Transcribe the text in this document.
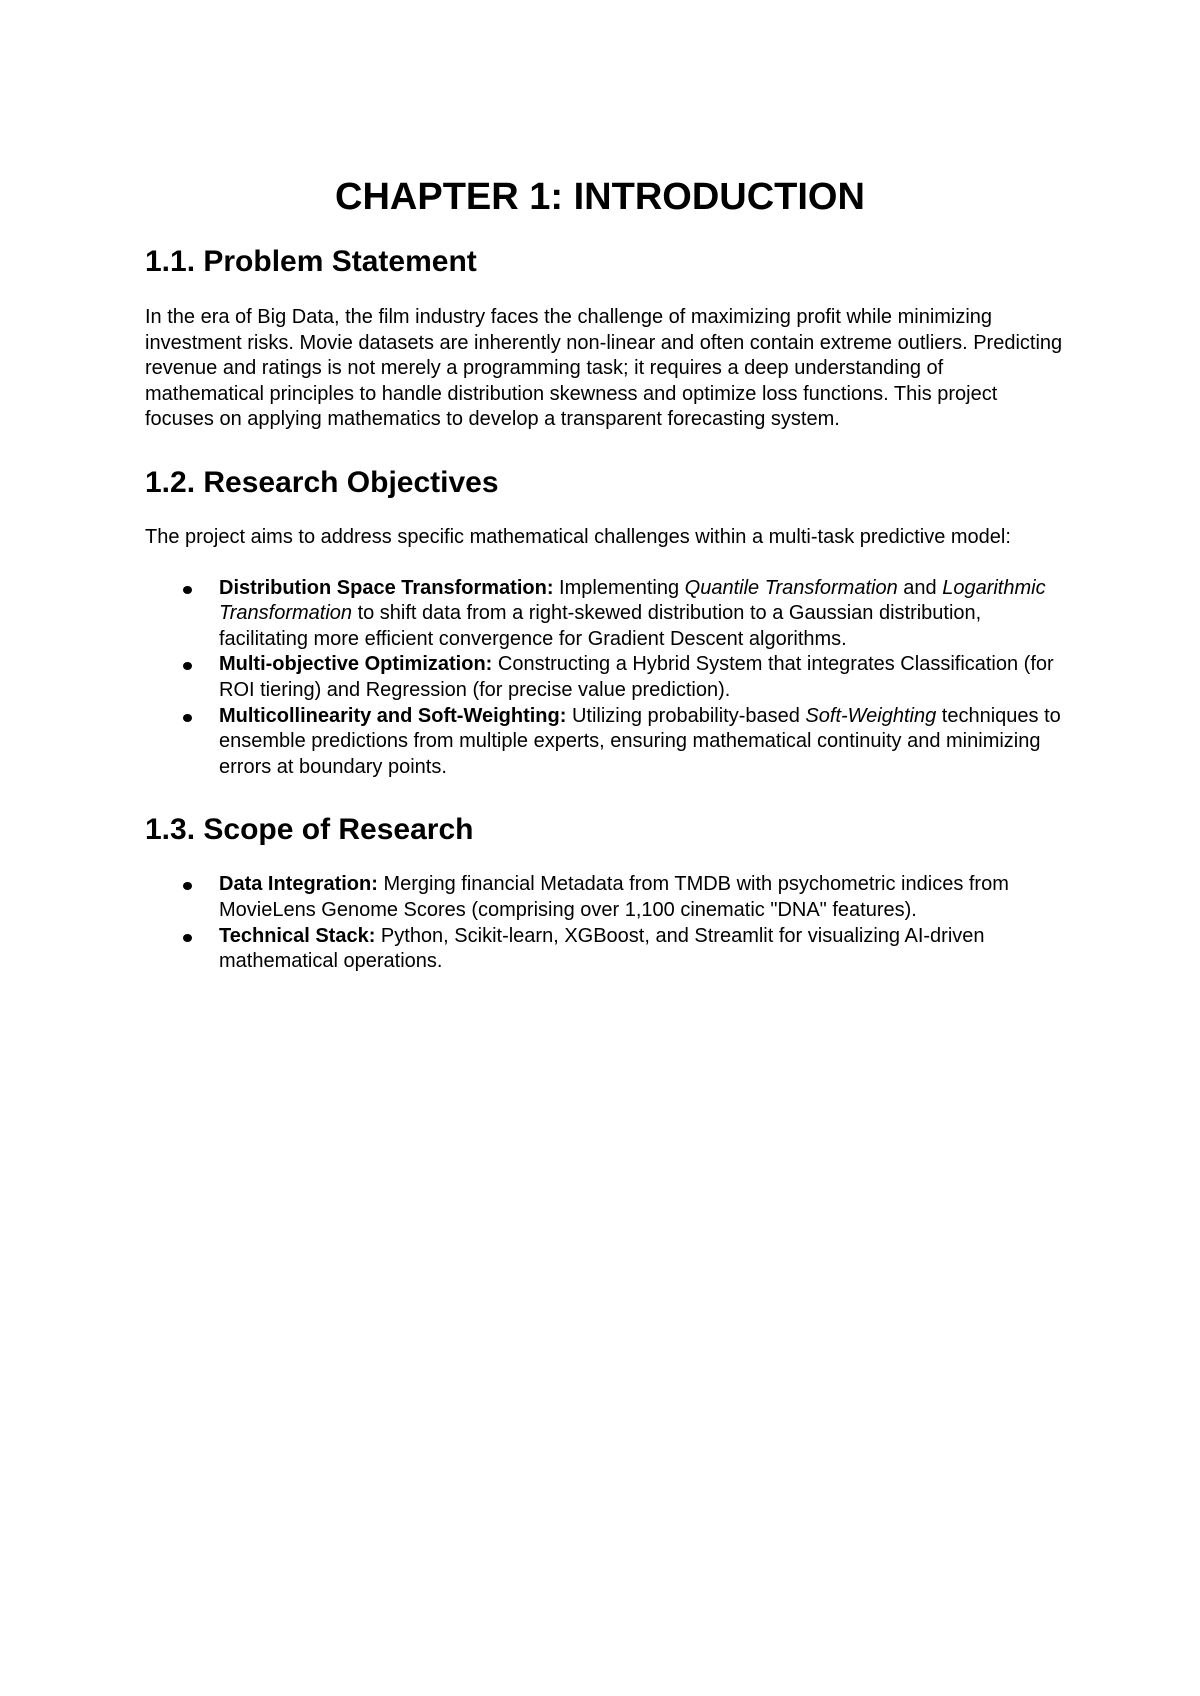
CHAPTER 1: INTRODUCTION
1.1. Problem Statement

In the era of Big Data, the film industry faces the challenge of maximizing profit while minimizing investment risks. Movie datasets are inherently non-linear and often contain extreme outliers. Predicting revenue and ratings is not merely a programming task; it requires a deep understanding of mathematical principles to handle distribution skewness and optimize loss functions. This project focuses on applying mathematics to develop a transparent forecasting system.

1.2. Research Objectives

The project aims to address specific mathematical challenges within a multi-task predictive model:

Distribution Space Transformation: Implementing Quantile Transformation and Logarithmic Transformation to shift data from a right-skewed distribution to a Gaussian distribution, facilitating more efficient convergence for Gradient Descent algorithms.
Multi-objective Optimization: Constructing a Hybrid System that integrates Classification (for ROI tiering) and Regression (for precise value prediction).
Multicollinearity and Soft-Weighting: Utilizing probability-based Soft-Weighting techniques to ensemble predictions from multiple experts, ensuring mathematical continuity and minimizing errors at boundary points.
1.3. Scope of Research
Data Integration: Merging financial Metadata from TMDB with psychometric indices from MovieLens Genome Scores (comprising over 1,100 cinematic "DNA" features).
Technical Stack: Python, Scikit-learn, XGBoost, and Streamlit for visualizing AI-driven mathematical operations.
